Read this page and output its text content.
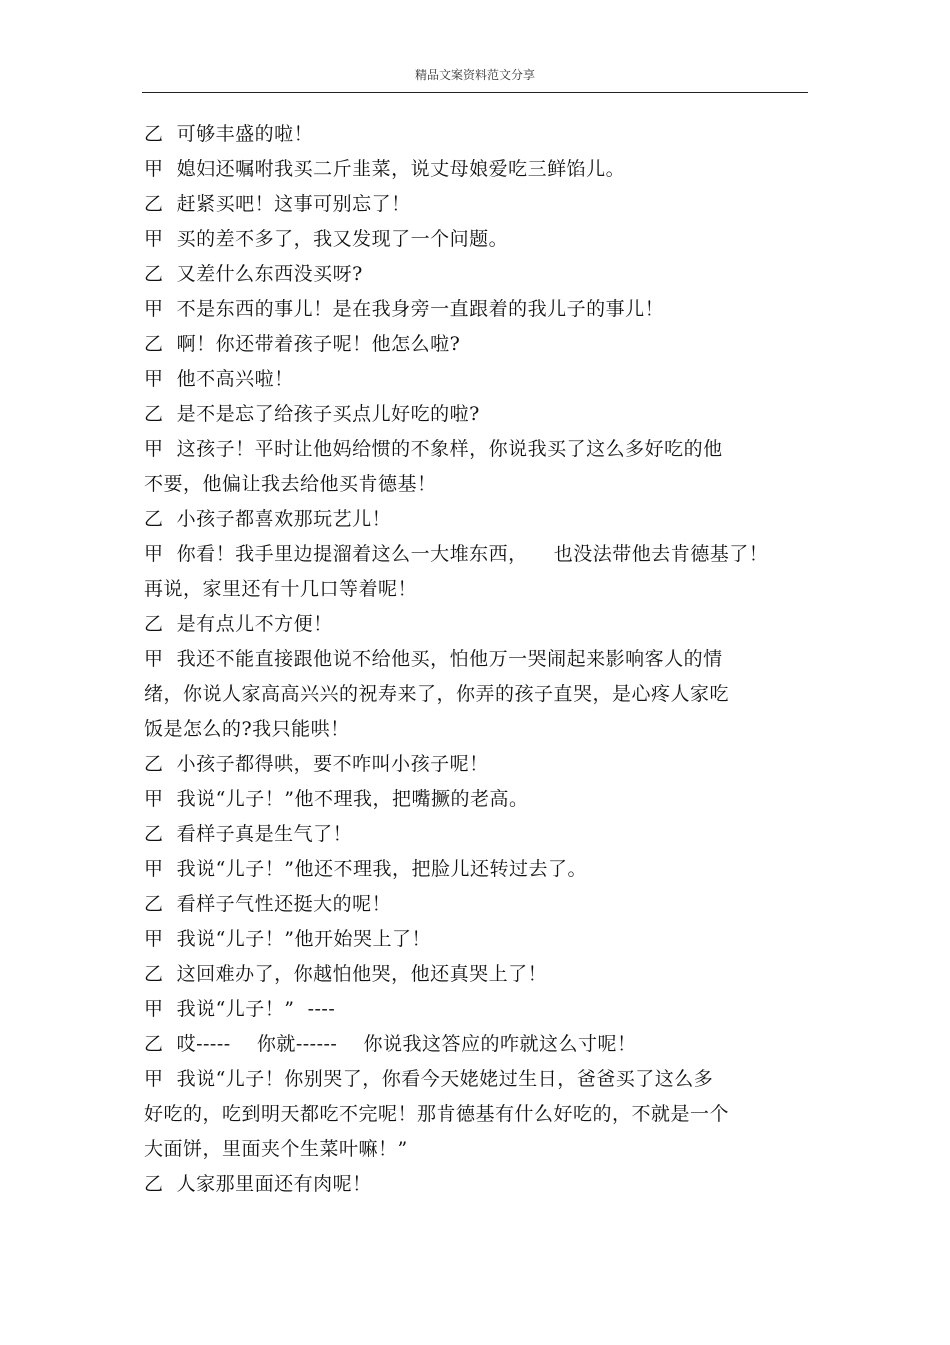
精品文案资料范文分享
乙  可够丰盛的啦！
甲  媳妇还嘱咐我买二斤韭菜，说丈母娘爱吃三鲜馅儿。
乙  赶紧买吧！这事可别忘了！
甲  买的差不多了，我又发现了一个问题。
乙  又差什么东西没买呀?
甲  不是东西的事儿！是在我身旁一直跟着的我儿子的事儿！
乙  啊！你还带着孩子呢！他怎么啦?
甲  他不高兴啦！
乙  是不是忘了给孩子买点儿好吃的啦?
甲  这孩子！平时让他妈给惯的不象样，你说我买了这么多好吃的他
不要，他偏让我去给他买肯德基！
乙  小孩子都喜欢那玩艺儿！
甲  你看！我手里边提溜着这么一大堆东西，    也没法带他去肯德基了！
再说，家里还有十几口等着呢！
乙  是有点儿不方便！
甲  我还不能直接跟他说不给他买，怕他万一哭闹起来影响客人的情
绪，你说人家高高兴兴的祝寿来了，你弄的孩子直哭，是心疼人家吃
饭是怎么的?我只能哄！
乙  小孩子都得哄，要不咋叫小孩子呢！
甲  我说“儿子！”他不理我，把嘴撅的老高。
乙  看样子真是生气了！
甲  我说“儿子！”他还不理我，把脸儿还转过去了。
乙  看样子气性还挺大的呢！
甲  我说“儿子！”他开始哭上了！
乙  这回难办了，你越怕他哭，他还真哭上了！
甲  我说“儿子！”  ----
乙  哎-----    你就------    你说我这答应的咋就这么寸呢！
甲  我说“儿子！你别哭了，你看今天姥姥过生日，爸爸买了这么多
好吃的，吃到明天都吃不完呢！那肯德基有什么好吃的，不就是一个
大面饼，里面夹个生菜叶嘛！”
乙  人家那里面还有肉呢！
